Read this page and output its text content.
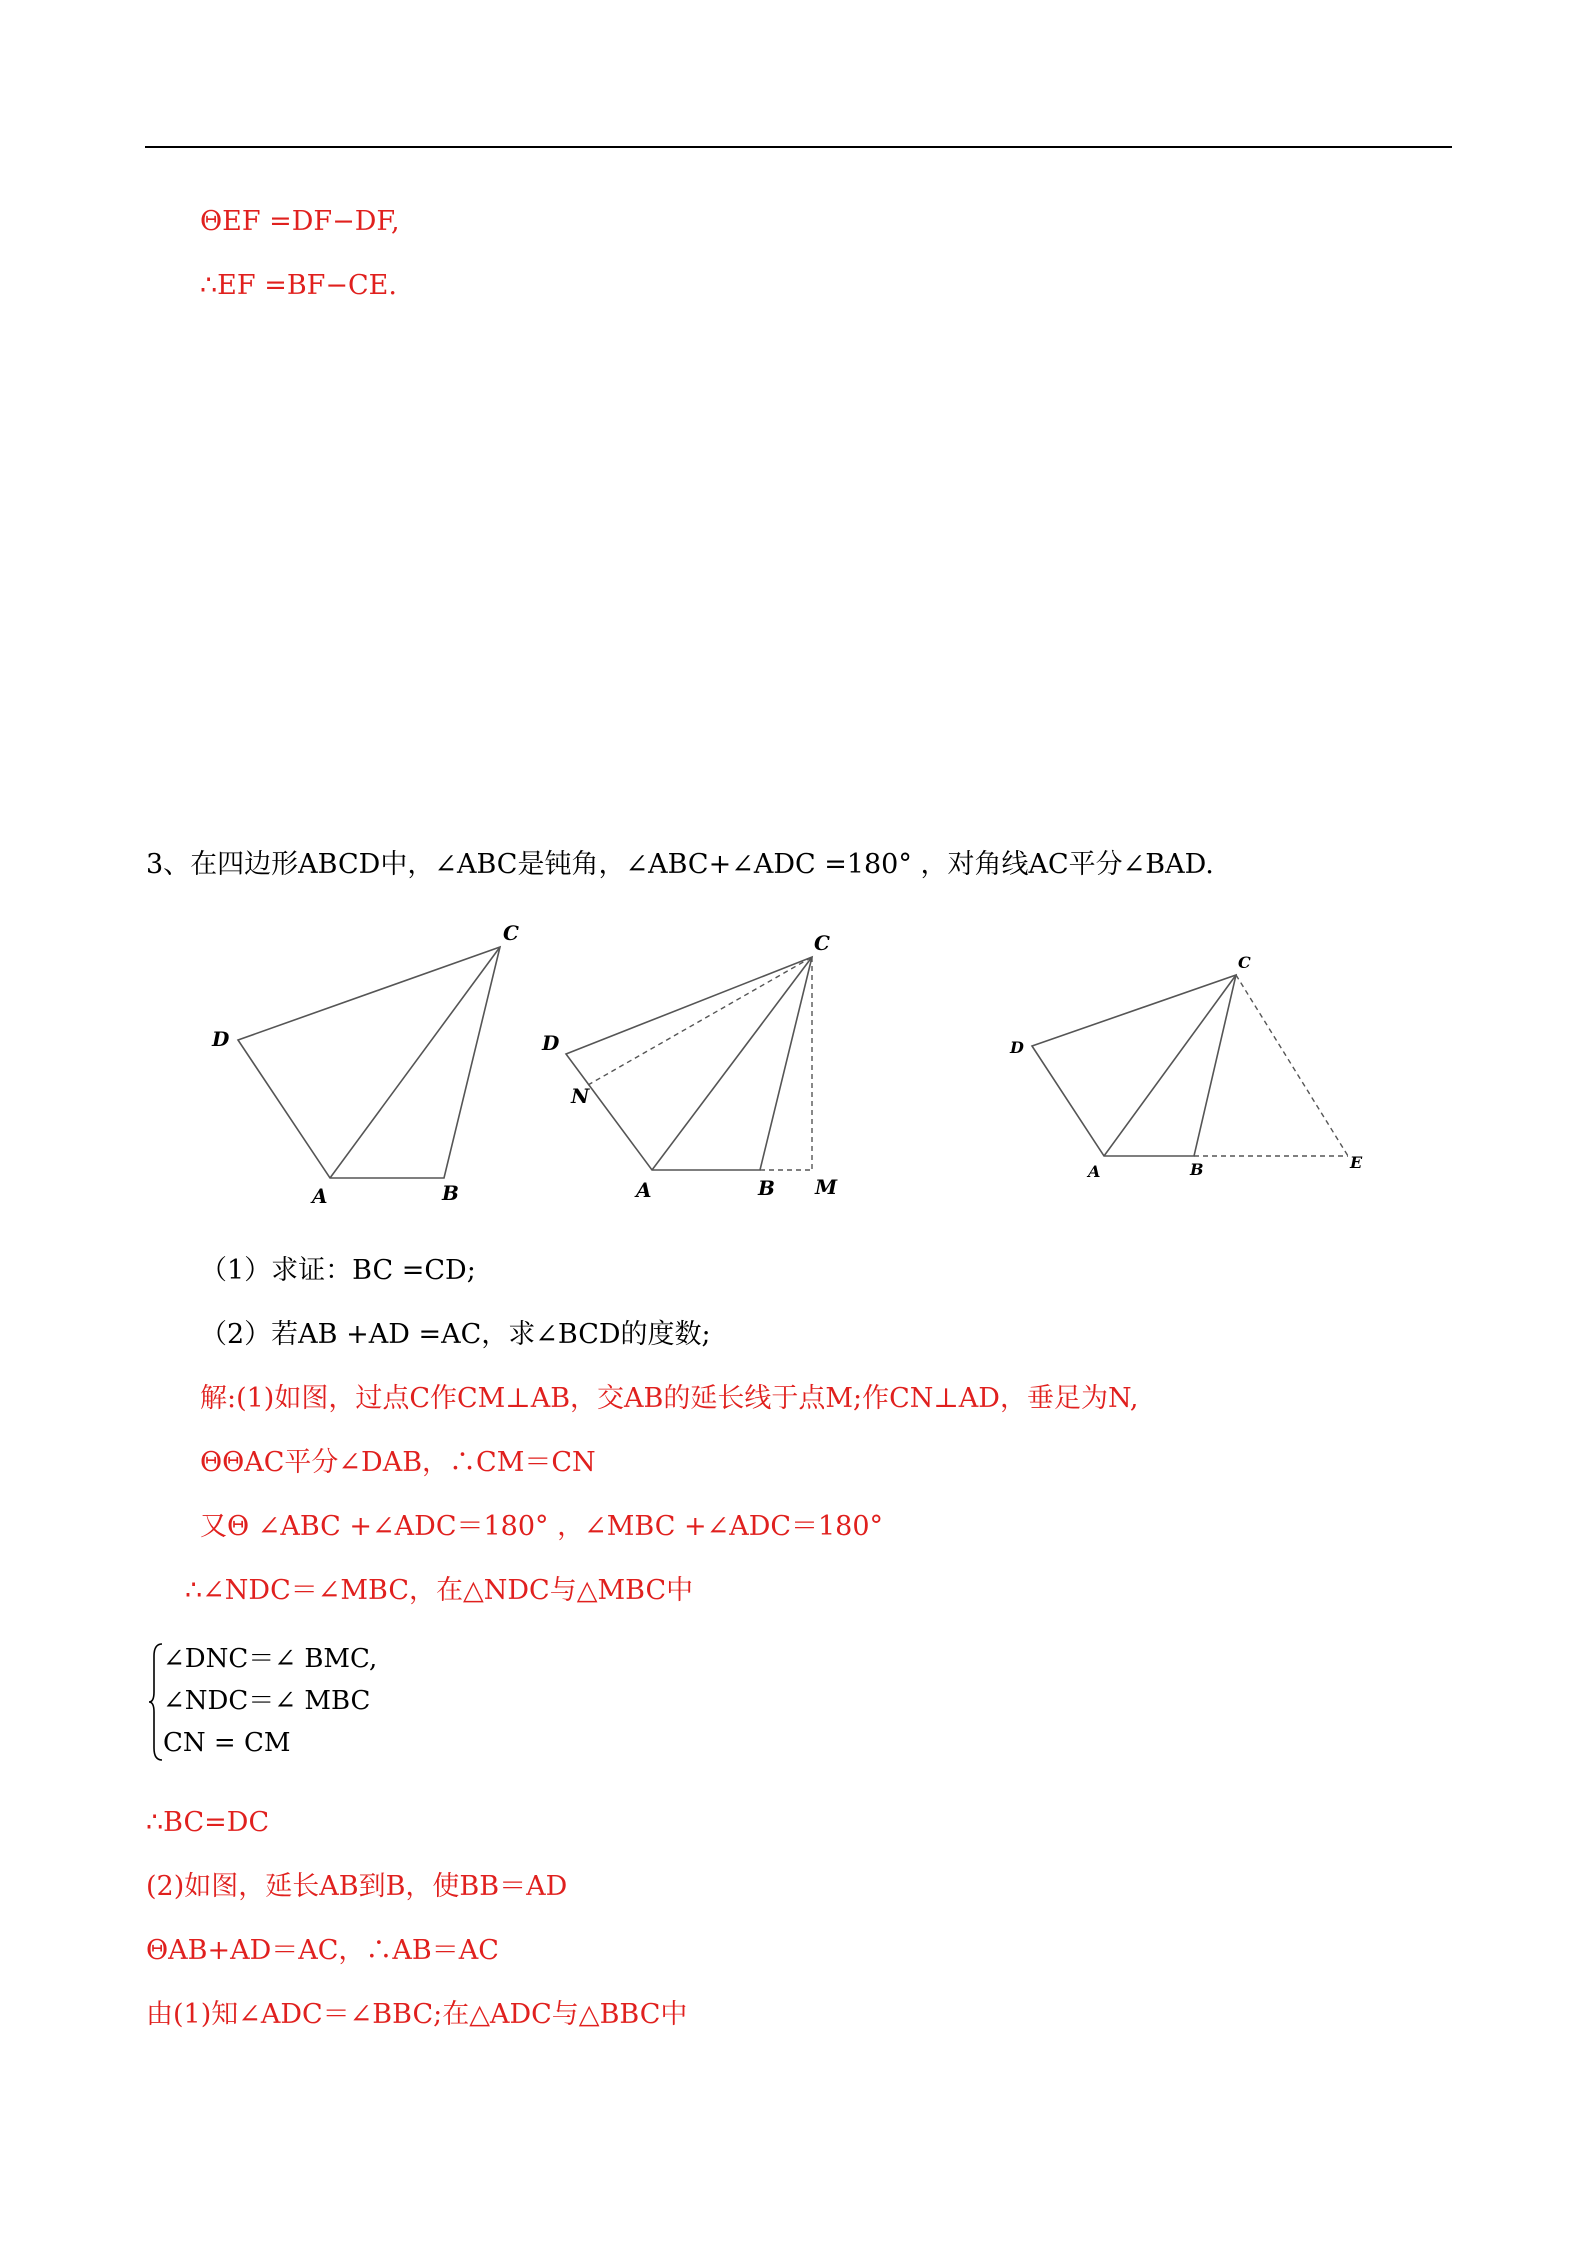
ΘEF =DF−DF,
∴EF =BF−CE.
3、在四边形ABCD中，∠ABC是钝角，∠ABC+∠ADC =180° ，对角线AC平分∠BAD.
C
D
A	B
C
D
N
A	B M
C
D
A	B	E
（1）求证：BC =CD;
（2）若AB +AD =AC，求∠BCD的度数;
解:(1)如图，过点C作CM⊥AB，交AB的延长线于点M;作CN⊥AD，垂足为N,
ΘΘAC平分∠DAB，∴CM＝CN
又Θ ∠ABC +∠ADC＝180° ，∠MBC +∠ADC＝180°
∴∠NDC＝∠MBC，在△NDC与△MBC中
∠DNC＝∠ BMC,
∠NDC＝∠ MBC
CN = CM
∴BC=DC
(2)如图，延长AB到B，使BB＝AD
ΘAB+AD＝AC，∴AB＝AC
由(1)知∠ADC＝∠BBC;在△ADC与△BBC中
